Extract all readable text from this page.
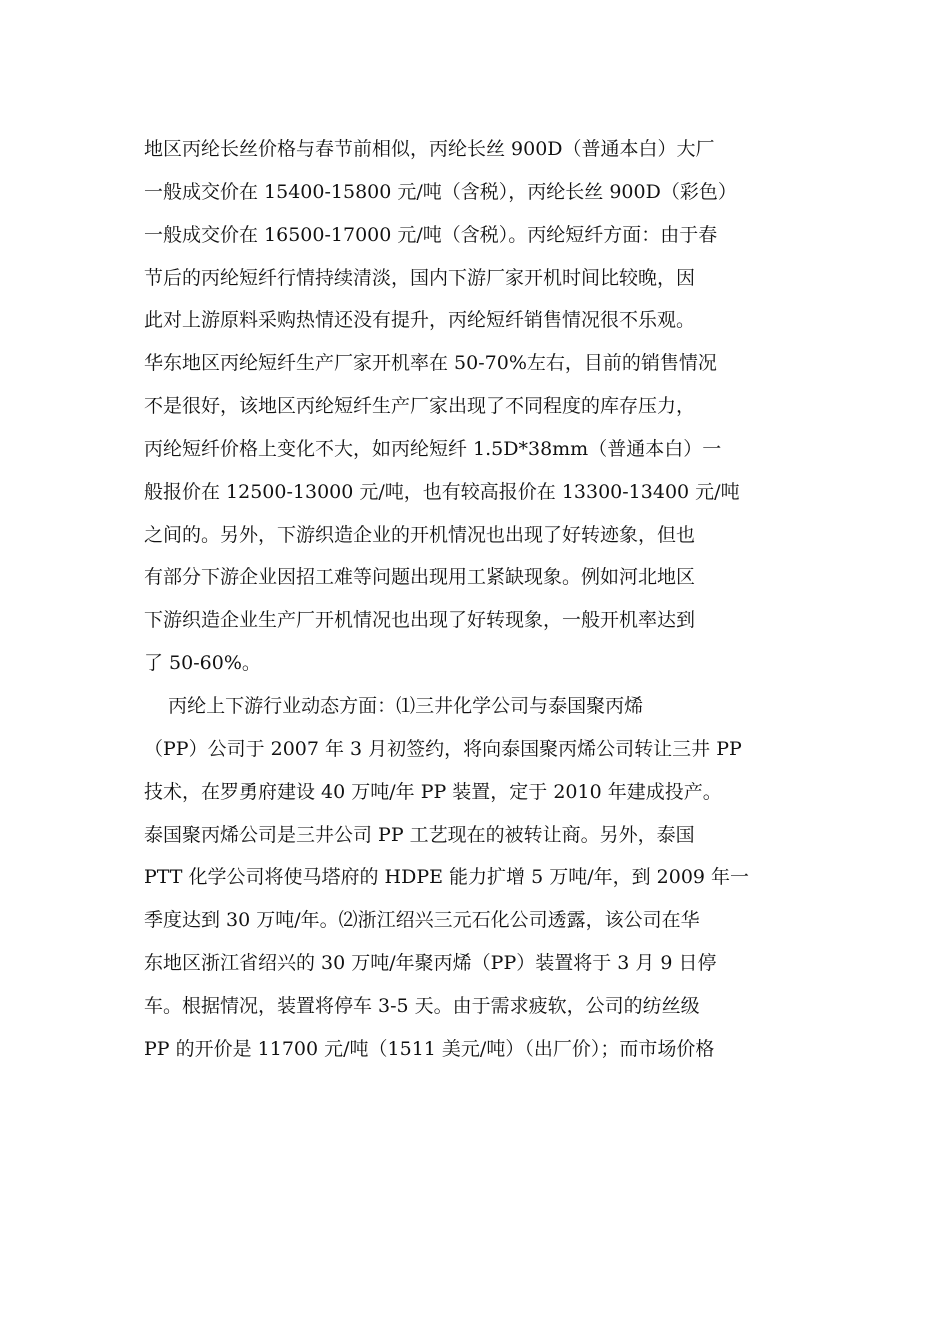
地区丙纶长丝价格与春节前相似，丙纶长丝 900D（普通本白）大厂
一般成交价在 15400-15800 元/吨（含税），丙纶长丝 900D（彩色）
一般成交价在 16500-17000 元/吨（含税）。丙纶短纤方面：由于春
节后的丙纶短纤行情持续清淡，国内下游厂家开机时间比较晚，因
此对上游原料采购热情还没有提升，丙纶短纤销售情况很不乐观。
华东地区丙纶短纤生产厂家开机率在 50-70%左右，目前的销售情况
不是很好，该地区丙纶短纤生产厂家出现了不同程度的库存压力，
丙纶短纤价格上变化不大，如丙纶短纤 1.5D*38mm（普通本白）一
般报价在 12500-13000 元/吨，也有较高报价在 13300-13400 元/吨
之间的。另外，下游织造企业的开机情况也出现了好转迹象，但也
有部分下游企业因招工难等问题出现用工紧缺现象。例如河北地区
下游织造企业生产厂开机情况也出现了好转现象，一般开机率达到
了 50-60%。
丙纶上下游行业动态方面：⑴三井化学公司与泰国聚丙烯
（PP）公司于 2007 年 3 月初签约，将向泰国聚丙烯公司转让三井 PP
技术，在罗勇府建设 40 万吨/年 PP 装置，定于 2010 年建成投产。
泰国聚丙烯公司是三井公司 PP 工艺现在的被转让商。另外，泰国
PTT 化学公司将使马塔府的 HDPE 能力扩增 5 万吨/年，到 2009 年一
季度达到 30 万吨/年。⑵浙江绍兴三元石化公司透露，该公司在华
东地区浙江省绍兴的 30 万吨/年聚丙烯（PP）装置将于 3 月 9 日停
车。根据情况，装置将停车 3-5 天。由于需求疲软，公司的纺丝级
PP 的开价是 11700 元/吨（1511 美元/吨）（出厂价）；而市场价格
